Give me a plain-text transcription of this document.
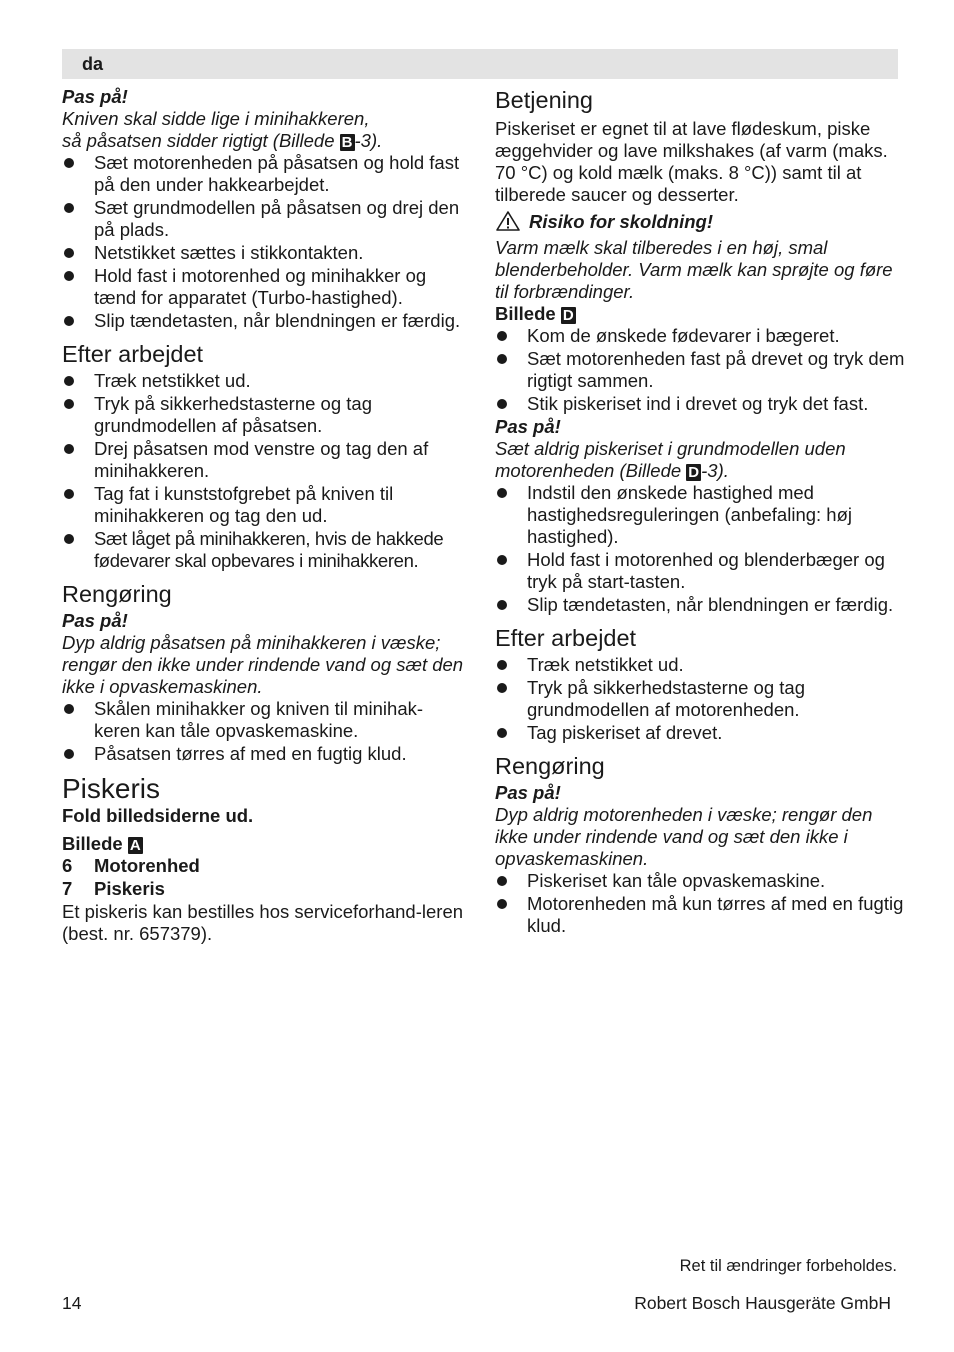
da

Pas på!

Kniven skal sidde lige i minihakkeren,

så påsatsen sidder rigtigt (Billede B -3).

Sæt motorenheden på påsatsen og hold fast på den under hakkearbejdet.
Sæt grundmodellen på påsatsen og drej den på plads.
Netstikket sættes i stikkontakten.
Hold fast i motorenhed og minihakker og tænd for apparatet (Turbo-hastighed).
Slip tændetasten, når blendningen er færdig.

Efter arbejdet

Træk netstikket ud.
Tryk på sikkerhedstasterne og tag grundmodellen af påsatsen.
Drej påsatsen mod venstre og tag den af minihakkeren.
Tag fat i kunststofgrebet på kniven til minihakkeren og tag den ud.
Sæt låget på minihakkeren, hvis de hakkede fødevarer skal opbevares i minihakkeren.

Rengøring

Pas på!

Dyp aldrig påsatsen på minihakkeren i væske; rengør den ikke under rindende vand og sæt den ikke i opvaskemaskinen.

Skålen minihakker og kniven til minihak-keren kan tåle opvaskemaskine.
Påsatsen tørres af med en fugtig klud.

Piskeris

Fold billedsiderne ud.

Billede A

6 Motorenhed
7 Piskeris

Et piskeris kan bestilles hos serviceforhand-leren (best. nr. 657379).

Betjening

Piskeriset er egnet til at lave flødeskum, piske æggehvider og lave milkshakes (af varm (maks. 70 °C) og kold mælk (maks. 8 °C)) samt til at tilberede saucer og desserter.

Risiko for skoldning!

Varm mælk skal tilberedes i en høj, smal blenderbeholder. Varm mælk kan sprøjte og føre til forbrændinger.

Billede D

Kom de ønskede fødevarer i bægeret.
Sæt motorenheden fast på drevet og tryk dem rigtigt sammen.
Stik piskeriset ind i drevet og tryk det fast.

Pas på!

Sæt aldrig piskeriset i grundmodellen uden

motorenheden (Billede D -3).

Indstil den ønskede hastighed med hastighedsreguleringen (anbefaling: høj hastighed).
Hold fast i motorenhed og blenderbæger og tryk på start-tasten.
Slip tændetasten, når blendningen er færdig.

Efter arbejdet

Træk netstikket ud.
Tryk på sikkerhedstasterne og tag grundmodellen af motorenheden.
Tag piskeriset af drevet.

Rengøring

Pas på!

Dyp aldrig motorenheden i væske; rengør den ikke under rindende vand og sæt den ikke i opvaskemaskinen.

Piskeriset kan tåle opvaskemaskine.
Motorenheden må kun tørres af med en fugtig klud.
Ret til ændringer forbeholdes.
14	Robert Bosch Hausgeräte GmbH
